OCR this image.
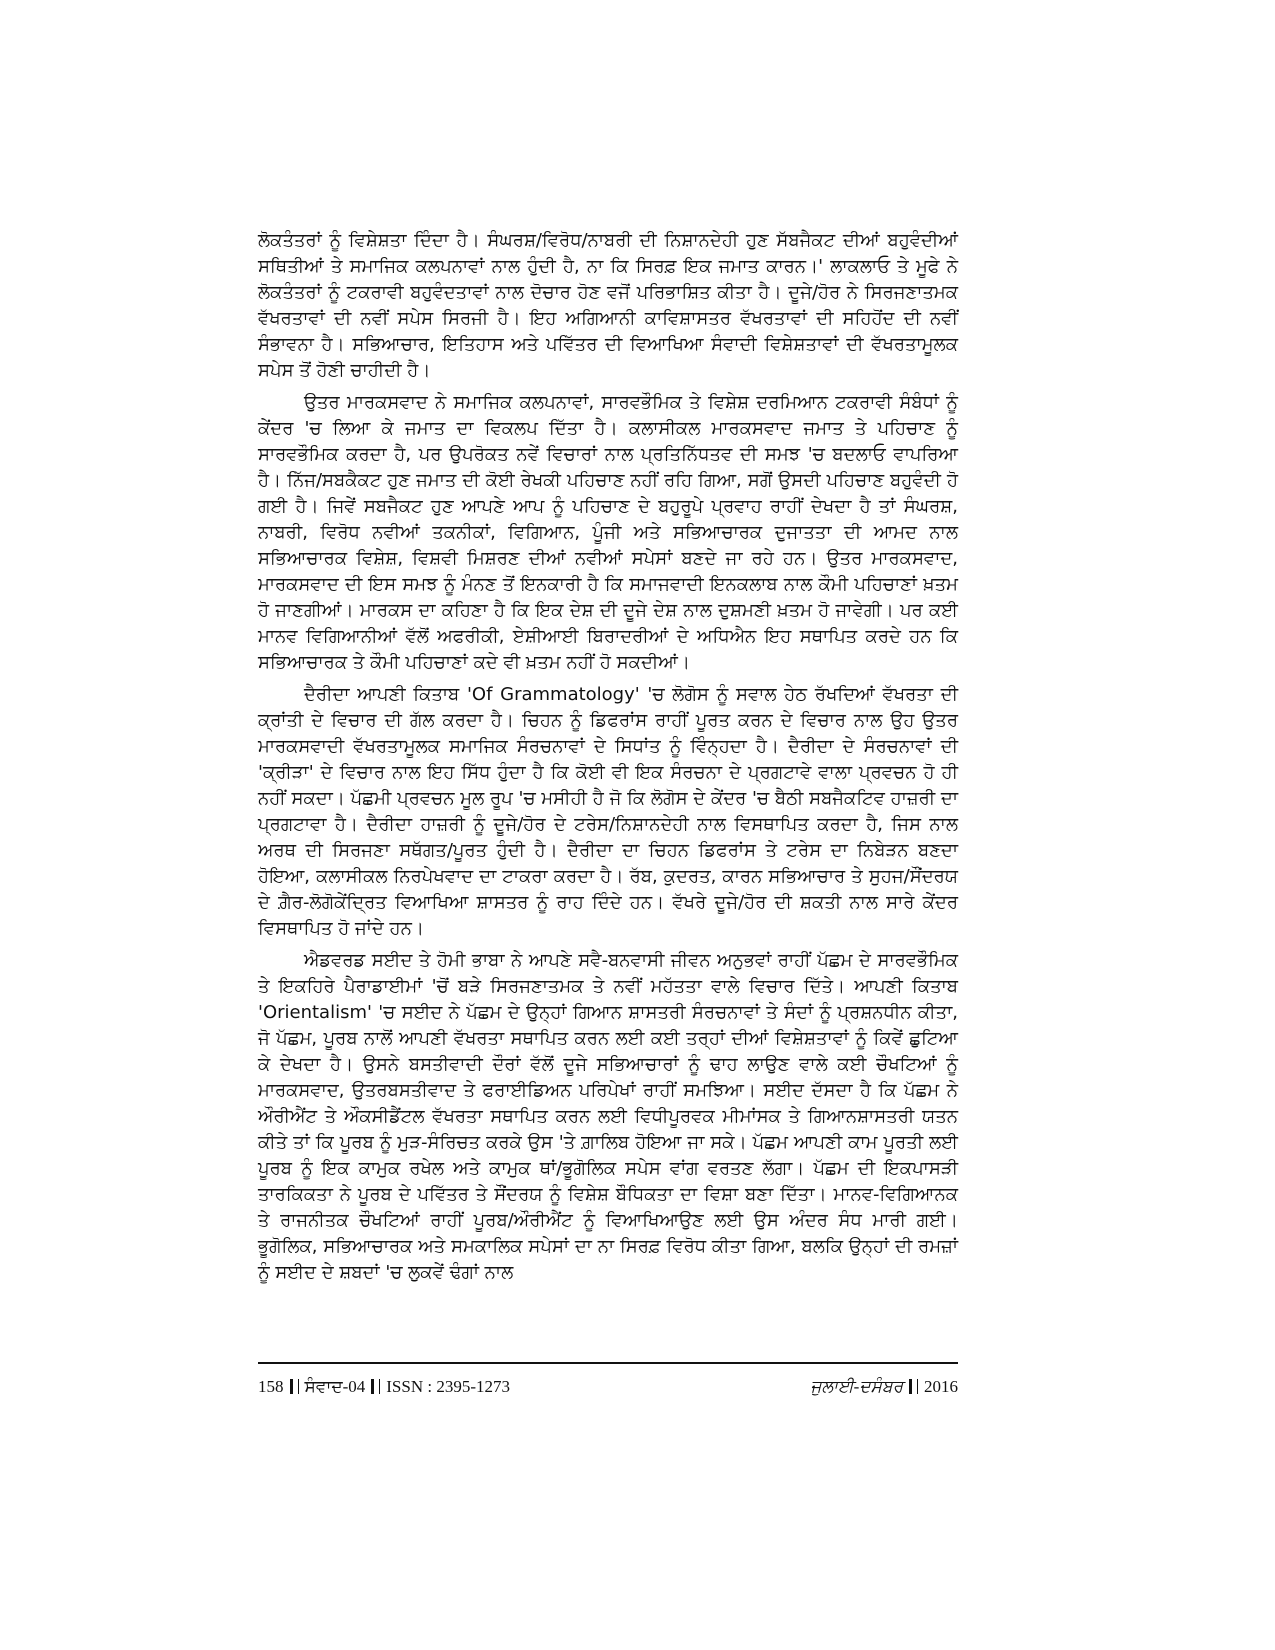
ਲੋਕਤੰਤਰਾਂ ਨੂੰ ਵਿਸ਼ੇਸ਼ਤਾ ਦਿੰਦਾ ਹੈ। ਸੰਘਰਸ਼/ਵਿਰੋਧ/ਨਾਬਰੀ ਦੀ ਨਿਸ਼ਾਨਦੇਹੀ ਹੁਣ ਸੱਬਜੈਕਟ ਦੀਆਂ ਬਹੁਵੰਦੀਆਂ ਸਥਿਤੀਆਂ ਤੇ ਸਮਾਜਿਕ ਕਲਪਨਾਵਾਂ ਨਾਲ ਹੁੰਦੀ ਹੈ, ਨਾ ਕਿ ਸਿਰਫ਼ ਇਕ ਜਮਾਤ ਕਾਰਨ।' ਲਾਕਲਾਓ ਤੇ ਮੂਫੇ ਨੇ ਲੋਕਤੰਤਰਾਂ ਨੂੰ ਟਕਰਾਵੀ ਬਹੁਵੰਦਤਾਵਾਂ ਨਾਲ ਦੋਚਾਰ ਹੋਣ ਵਜੋਂ ਪਰਿਭਾਸ਼ਿਤ ਕੀਤਾ ਹੈ। ਦੂਜੇ/ਹੋਰ ਨੇ ਸਿਰਜਣਾਤਮਕ ਵੱਖਰਤਾਵਾਂ ਦੀ ਨਵੀਂ ਸਪੇਸ ਸਿਰਜੀ ਹੈ। ਇਹ ਅਗਿਆਨੀ ਕਾਵਿਸ਼ਾਸਤਰ ਵੱਖਰਤਾਵਾਂ ਦੀ ਸਹਿਹੋਂਦ ਦੀ ਨਵੀਂ ਸੰਭਾਵਨਾ ਹੈ। ਸਭਿਆਚਾਰ, ਇਤਿਹਾਸ ਅਤੇ ਪਵਿੱਤਰ ਦੀ ਵਿਆਖਿਆ ਸੰਵਾਦੀ ਵਿਸ਼ੇਸ਼ਤਾਵਾਂ ਦੀ ਵੱਖਰਤਾਮੂਲਕ ਸਪੇਸ ਤੋਂ ਹੋਣੀ ਚਾਹੀਦੀ ਹੈ।

ਉਤਰ ਮਾਰਕਸਵਾਦ ਨੇ ਸਮਾਜਿਕ ਕਲਪਨਾਵਾਂ, ਸਾਰਵਭੌਮਿਕ ਤੇ ਵਿਸ਼ੇਸ਼ ਦਰਮਿਆਨ ਟਕਰਾਵੀ ਸੰਬੰਧਾਂ ਨੂੰ ਕੇਂਦਰ 'ਚ ਲਿਆ ਕੇ ਜਮਾਤ ਦਾ ਵਿਕਲਪ ਦਿੱਤਾ ਹੈ। ਕਲਾਸੀਕਲ ਮਾਰਕਸਵਾਦ ਜਮਾਤ ਤੇ ਪਹਿਚਾਣ ਨੂੰ ਸਾਰਵਭੌਮਿਕ ਕਰਦਾ ਹੈ, ਪਰ ਉਪਰੋਕਤ ਨਵੇਂ ਵਿਚਾਰਾਂ ਨਾਲ ਪ੍ਰਤਿਨਿੱਧਤਵ ਦੀ ਸਮਝ 'ਚ ਬਦਲਾਓ ਵਾਪਰਿਆ ਹੈ। ਨਿੱਜ/ਸਬਕੈਕਟ ਹੁਣ ਜਮਾਤ ਦੀ ਕੋਈ ਰੇਖਕੀ ਪਹਿਚਾਣ ਨਹੀਂ ਰਹਿ ਗਿਆ, ਸਗੋਂ ਉਸਦੀ ਪਹਿਚਾਣ ਬਹੁਵੰਦੀ ਹੋ ਗਈ ਹੈ। ਜਿਵੇਂ ਸਬਜੈਕਟ ਹੁਣ ਆਪਣੇ ਆਪ ਨੂੰ ਪਹਿਚਾਣ ਦੇ ਬਹੁਰੂਪੇ ਪ੍ਰਵਾਹ ਰਾਹੀਂ ਦੇਖਦਾ ਹੈ ਤਾਂ ਸੰਘਰਸ਼, ਨਾਬਰੀ, ਵਿਰੋਧ ਨਵੀਆਂ ਤਕਨੀਕਾਂ, ਵਿਗਿਆਨ, ਪੂੰਜੀ ਅਤੇ ਸਭਿਆਚਾਰਕ ਦੁਜਾਤਤਾ ਦੀ ਆਮਦ ਨਾਲ ਸਭਿਆਚਾਰਕ ਵਿਸ਼ੇਸ਼, ਵਿਸ਼ਵੀ ਮਿਸ਼ਰਣ ਦੀਆਂ ਨਵੀਆਂ ਸਪੇਸਾਂ ਬਣਦੇ ਜਾ ਰਹੇ ਹਨ। ਉਤਰ ਮਾਰਕਸਵਾਦ, ਮਾਰਕਸਵਾਦ ਦੀ ਇਸ ਸਮਝ ਨੂੰ ਮੰਨਣ ਤੋਂ ਇਨਕਾਰੀ ਹੈ ਕਿ ਸਮਾਜਵਾਦੀ ਇਨਕਲਾਬ ਨਾਲ ਕੌਮੀ ਪਹਿਚਾਣਾਂ ਖ਼ਤਮ ਹੋ ਜਾਣਗੀਆਂ। ਮਾਰਕਸ ਦਾ ਕਹਿਣਾ ਹੈ ਕਿ ਇਕ ਦੇਸ਼ ਦੀ ਦੂਜੇ ਦੇਸ਼ ਨਾਲ ਦੁਸ਼ਮਣੀ ਖ਼ਤਮ ਹੋ ਜਾਵੇਗੀ। ਪਰ ਕਈ ਮਾਨਵ ਵਿਗਿਆਨੀਆਂ ਵੱਲੋਂ ਅਫਰੀਕੀ, ਏਸ਼ੀਆਈ ਬਿਰਾਦਰੀਆਂ ਦੇ ਅਧਿਐਨ ਇਹ ਸਥਾਪਿਤ ਕਰਦੇ ਹਨ ਕਿ ਸਭਿਆਚਾਰਕ ਤੇ ਕੌਮੀ ਪਹਿਚਾਣਾਂ ਕਦੇ ਵੀ ਖ਼ਤਮ ਨਹੀਂ ਹੋ ਸਕਦੀਆਂ।

ਦੈਰੀਦਾ ਆਪਣੀ ਕਿਤਾਬ 'Of Grammatology' 'ਚ ਲੋਗੋਸ ਨੂੰ ਸਵਾਲ ਹੇਠ ਰੱਖਦਿਆਂ ਵੱਖਰਤਾ ਦੀ ਕ੍ਰਾਂਤੀ ਦੇ ਵਿਚਾਰ ਦੀ ਗੱਲ ਕਰਦਾ ਹੈ। ਚਿਹਨ ਨੂੰ ਡਿਫਰਾਂਸ ਰਾਹੀਂ ਪੂਰਤ ਕਰਨ ਦੇ ਵਿਚਾਰ ਨਾਲ ਉਹ ਉਤਰ ਮਾਰਕਸਵਾਦੀ ਵੱਖਰਤਾਮੂਲਕ ਸਮਾਜਿਕ ਸੰਰਚਨਾਵਾਂ ਦੇ ਸਿਧਾਂਤ ਨੂੰ ਵਿੰਨ੍ਹਦਾ ਹੈ। ਦੈਰੀਦਾ ਦੇ ਸੰਰਚਨਾਵਾਂ ਦੀ 'ਕ੍ਰੀੜਾ' ਦੇ ਵਿਚਾਰ ਨਾਲ ਇਹ ਸਿੱਧ ਹੁੰਦਾ ਹੈ ਕਿ ਕੋਈ ਵੀ ਇਕ ਸੰਰਚਨਾ ਦੇ ਪ੍ਰਗਟਾਵੇ ਵਾਲਾ ਪ੍ਰਵਚਨ ਹੋ ਹੀ ਨਹੀਂ ਸਕਦਾ। ਪੱਛਮੀ ਪ੍ਰਵਚਨ ਮੂਲ ਰੂਪ 'ਚ ਮਸੀਹੀ ਹੈ ਜੋ ਕਿ ਲੋਗੋਸ ਦੇ ਕੇਂਦਰ 'ਚ ਬੈਠੀ ਸਬਜੈਕਟਿਵ ਹਾਜ਼ਰੀ ਦਾ ਪ੍ਰਗਟਾਵਾ ਹੈ। ਦੈਰੀਦਾ ਹਾਜ਼ਰੀ ਨੂੰ ਦੂਜੇ/ਹੋਰ ਦੇ ਟਰੇਸ/ਨਿਸ਼ਾਨਦੇਹੀ ਨਾਲ ਵਿਸਥਾਪਿਤ ਕਰਦਾ ਹੈ, ਜਿਸ ਨਾਲ ਅਰਥ ਦੀ ਸਿਰਜਣਾ ਸਥੱਗਤ/ਪੂਰਤ ਹੁੰਦੀ ਹੈ। ਦੈਰੀਦਾ ਦਾ ਚਿਹਨ ਡਿਫਰਾਂਸ ਤੇ ਟਰੇਸ ਦਾ ਨਿਬੇੜਨ ਬਣਦਾ ਹੋਇਆ, ਕਲਾਸੀਕਲ ਨਿਰਪੇਖਵਾਦ ਦਾ ਟਾਕਰਾ ਕਰਦਾ ਹੈ। ਰੱਬ, ਕੁਦਰਤ, ਕਾਰਨ ਸਭਿਆਚਾਰ ਤੇ ਸੁਹਜ/ਸੌਂਦਰਯ ਦੇ ਗ਼ੈਰ-ਲੋਗੋਕੇਂਦ੍ਰਿਤ ਵਿਆਖਿਆ ਸ਼ਾਸਤਰ ਨੂੰ ਰਾਹ ਦਿੰਦੇ ਹਨ। ਵੱਖਰੇ ਦੂਜੇ/ਹੋਰ ਦੀ ਸ਼ਕਤੀ ਨਾਲ ਸਾਰੇ ਕੇਂਦਰ ਵਿਸਥਾਪਿਤ ਹੋ ਜਾਂਦੇ ਹਨ।

ਐਡਵਰਡ ਸਈਦ ਤੇ ਹੋਮੀ ਭਾਬਾ ਨੇ ਆਪਣੇ ਸਵੈ-ਬਨਵਾਸੀ ਜੀਵਨ ਅਨੁਭਵਾਂ ਰਾਹੀਂ ਪੱਛਮ ਦੇ ਸਾਰਵਭੌਮਿਕ ਤੇ ਇਕਹਿਰੇ ਪੈਰਾਡਾਈਮਾਂ 'ਚੋਂ ਬੜੇ ਸਿਰਜਣਾਤਮਕ ਤੇ ਨਵੀਂ ਮਹੱਤਤਾ ਵਾਲੇ ਵਿਚਾਰ ਦਿੱਤੇ। ਆਪਣੀ ਕਿਤਾਬ 'Orientalism' 'ਚ ਸਈਦ ਨੇ ਪੱਛਮ ਦੇ ਉਨ੍ਹਾਂ ਗਿਆਨ ਸ਼ਾਸਤਰੀ ਸੰਰਚਨਾਵਾਂ ਤੇ ਸੰਦਾਂ ਨੂੰ ਪ੍ਰਸ਼ਨਧੀਨ ਕੀਤਾ, ਜੋ ਪੱਛਮ, ਪੂਰਬ ਨਾਲੋਂ ਆਪਣੀ ਵੱਖਰਤਾ ਸਥਾਪਿਤ ਕਰਨ ਲਈ ਕਈ ਤਰ੍ਹਾਂ ਦੀਆਂ ਵਿਸ਼ੇਸ਼ਤਾਵਾਂ ਨੂੰ ਕਿਵੇਂ ਛੁਟਿਆ ਕੇ ਦੇਖਦਾ ਹੈ। ਉਸਨੇ ਬਸਤੀਵਾਦੀ ਦੌਰਾਂ ਵੱਲੋਂ ਦੂਜੇ ਸਭਿਆਚਾਰਾਂ ਨੂੰ ਢਾਹ ਲਾਉਣ ਵਾਲੇ ਕਈ ਚੌਖਟਿਆਂ ਨੂੰ ਮਾਰਕਸਵਾਦ, ਉਤਰਬਸਤੀਵਾਦ ਤੇ ਫਰਾਈਡਿਅਨ ਪਰਿਪੇਖਾਂ ਰਾਹੀਂ ਸਮਝਿਆ। ਸਈਦ ਦੱਸਦਾ ਹੈ ਕਿ ਪੱਛਮ ਨੇ ਔਰੀਐਂਟ ਤੇ ਔਕਸੀਡੈਂਟਲ ਵੱਖਰਤਾ ਸਥਾਪਿਤ ਕਰਨ ਲਈ ਵਿਧੀਪੂਰਵਕ ਮੀਮਾਂਸਕ ਤੇ ਗਿਆਨਸ਼ਾਸਤਰੀ ਯਤਨ ਕੀਤੇ ਤਾਂ ਕਿ ਪੂਰਬ ਨੂੰ ਮੁੜ-ਸੰਰਿਚਤ ਕਰਕੇ ਉਸ 'ਤੇ ਗ਼ਾਲਿਬ ਹੋਇਆ ਜਾ ਸਕੇ। ਪੱਛਮ ਆਪਣੀ ਕਾਮ ਪੂਰਤੀ ਲਈ ਪੂਰਬ ਨੂੰ ਇਕ ਕਾਮੁਕ ਰਖੇਲ ਅਤੇ ਕਾਮੁਕ ਥਾਂ/ਭੂਗੋਲਿਕ ਸਪੇਸ ਵਾਂਗ ਵਰਤਣ ਲੱਗਾ। ਪੱਛਮ ਦੀ ਇਕਪਾਸੜੀ ਤਾਰਕਿਕਤਾ ਨੇ ਪੂਰਬ ਦੇ ਪਵਿੱਤਰ ਤੇ ਸੌਂਦਰਯ ਨੂੰ ਵਿਸ਼ੇਸ਼ ਬੌਧਿਕਤਾ ਦਾ ਵਿਸ਼ਾ ਬਣਾ ਦਿੱਤਾ। ਮਾਨਵ-ਵਿਗਿਆਨਕ ਤੇ ਰਾਜਨੀਤਕ ਚੌਖਟਿਆਂ ਰਾਹੀਂ ਪੂਰਬ/ਔਰੀਐਂਟ ਨੂੰ ਵਿਆਖਿਆਉਣ ਲਈ ਉਸ ਅੰਦਰ ਸੰਧ ਮਾਰੀ ਗਈ। ਭੂਗੋਲਿਕ, ਸਭਿਆਚਾਰਕ ਅਤੇ ਸਮਕਾਲਿਕ ਸਪੇਸਾਂ ਦਾ ਨਾ ਸਿਰਫ਼ ਵਿਰੋਧ ਕੀਤਾ ਗਿਆ, ਬਲਕਿ ਉਨ੍ਹਾਂ ਦੀ ਰਮਜ਼ਾਂ ਨੂੰ ਸਈਦ ਦੇ ਸ਼ਬਦਾਂ 'ਚ ਲੁਕਵੇਂ ਢੰਗਾਂ ਨਾਲ

158 ਸੰਵਾਦ-04 ISSN : 2395-1273	ਜੁਲਾਈ-ਦਸੰਬਰ 2016
